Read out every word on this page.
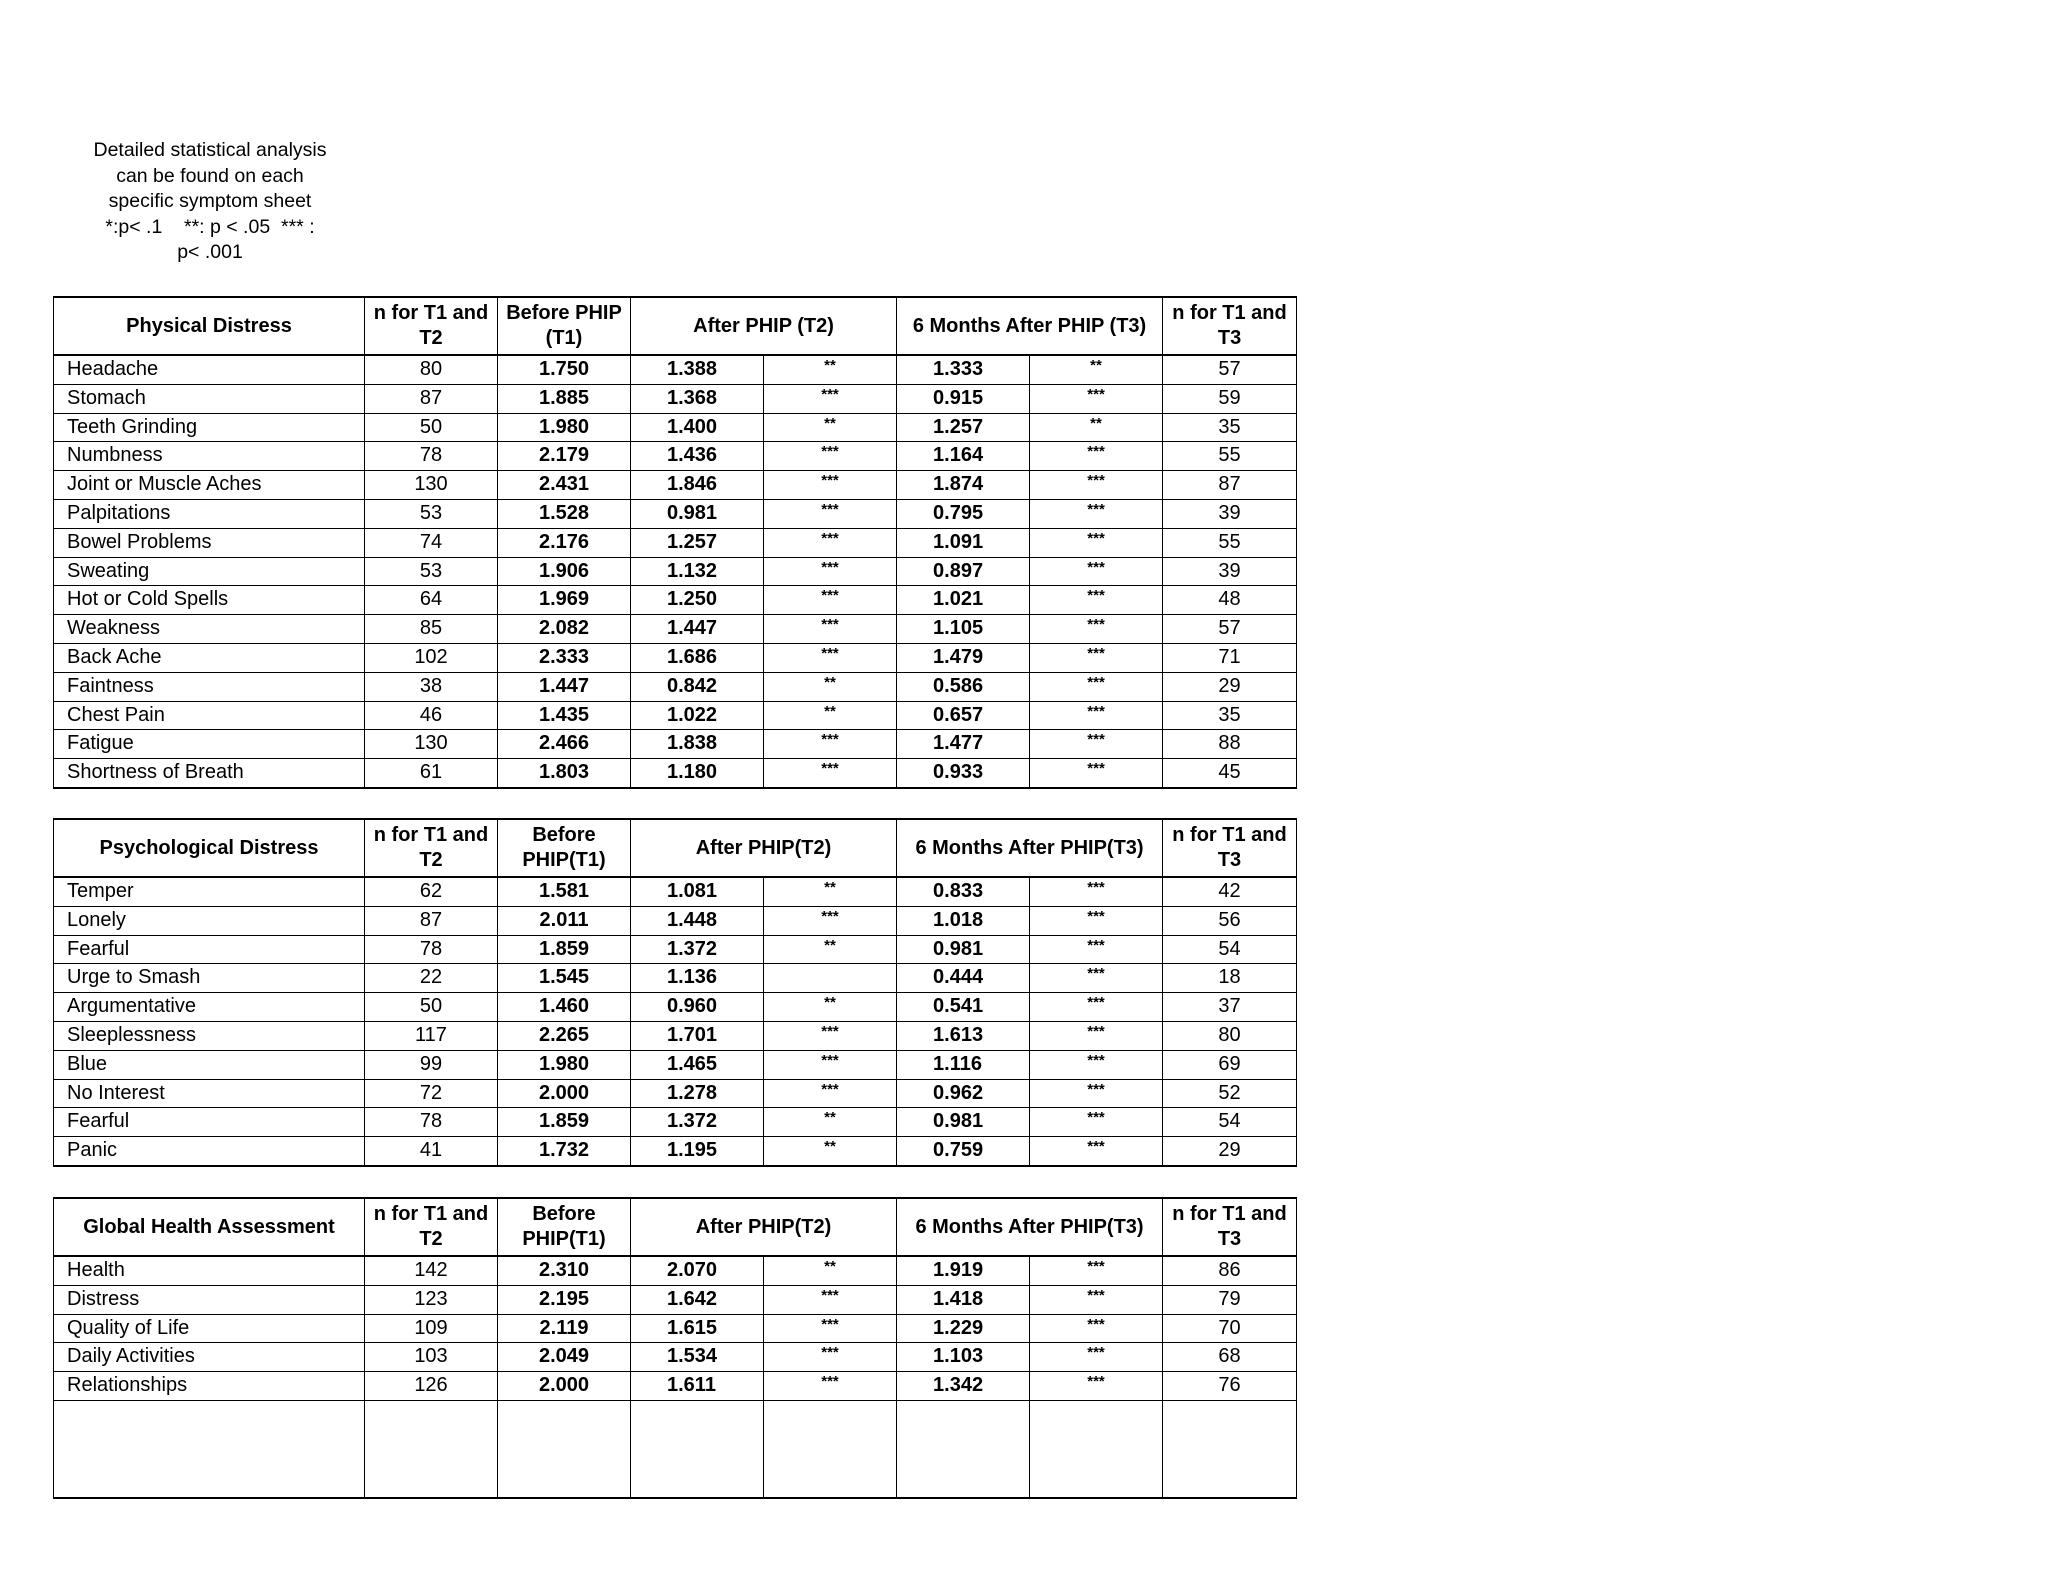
Detailed statistical analysis
can be found on each
specific symptom sheet
*:p< .1    **: p < .05  *** :
p< .001
Physical Distress	n for T1 and T2	Before PHIP (T1)	After PHIP (T2)		6 Months After PHIP (T3)		n for T1 and T3
Headache	80	1.750	1.388	**	1.333	**	57
Stomach	87	1.885	1.368	***	0.915	***	59
Teeth Grinding	50	1.980	1.400	**	1.257	**	35
Numbness	78	2.179	1.436	***	1.164	***	55
Joint or Muscle Aches	130	2.431	1.846	***	1.874	***	87
Palpitations	53	1.528	0.981	***	0.795	***	39
Bowel Problems	74	2.176	1.257	***	1.091	***	55
Sweating	53	1.906	1.132	***	0.897	***	39
Hot or Cold Spells	64	1.969	1.250	***	1.021	***	48
Weakness	85	2.082	1.447	***	1.105	***	57
Back Ache	102	2.333	1.686	***	1.479	***	71
Faintness	38	1.447	0.842	**	0.586	***	29
Chest Pain	46	1.435	1.022	**	0.657	***	35
Fatigue	130	2.466	1.838	***	1.477	***	88
Shortness of Breath	61	1.803	1.180	***	0.933	***	45
Psychological Distress	n for T1 and T2	Before PHIP(T1)	After PHIP(T2)		6 Months After PHIP(T3)		n for T1 and T3
Temper	62	1.581	1.081	**	0.833	***	42
Lonely	87	2.011	1.448	***	1.018	***	56
Fearful	78	1.859	1.372	**	0.981	***	54
Urge to Smash	22	1.545	1.136		0.444	***	18
Argumentative	50	1.460	0.960	**	0.541	***	37
Sleeplessness	117	2.265	1.701	***	1.613	***	80
Blue	99	1.980	1.465	***	1.116	***	69
No Interest	72	2.000	1.278	***	0.962	***	52
Fearful	78	1.859	1.372	**	0.981	***	54
Panic	41	1.732	1.195	**	0.759	***	29
Global Health Assessment	n for T1 and T2	Before PHIP(T1)	After PHIP(T2)		6 Months After PHIP(T3)		n for T1 and T3
Health	142	2.310	2.070	**	1.919	***	86
Distress	123	2.195	1.642	***	1.418	***	79
Quality of Life	109	2.119	1.615	***	1.229	***	70
Daily Activities	103	2.049	1.534	***	1.103	***	68
Relationships	126	2.000	1.611	***	1.342	***	76
